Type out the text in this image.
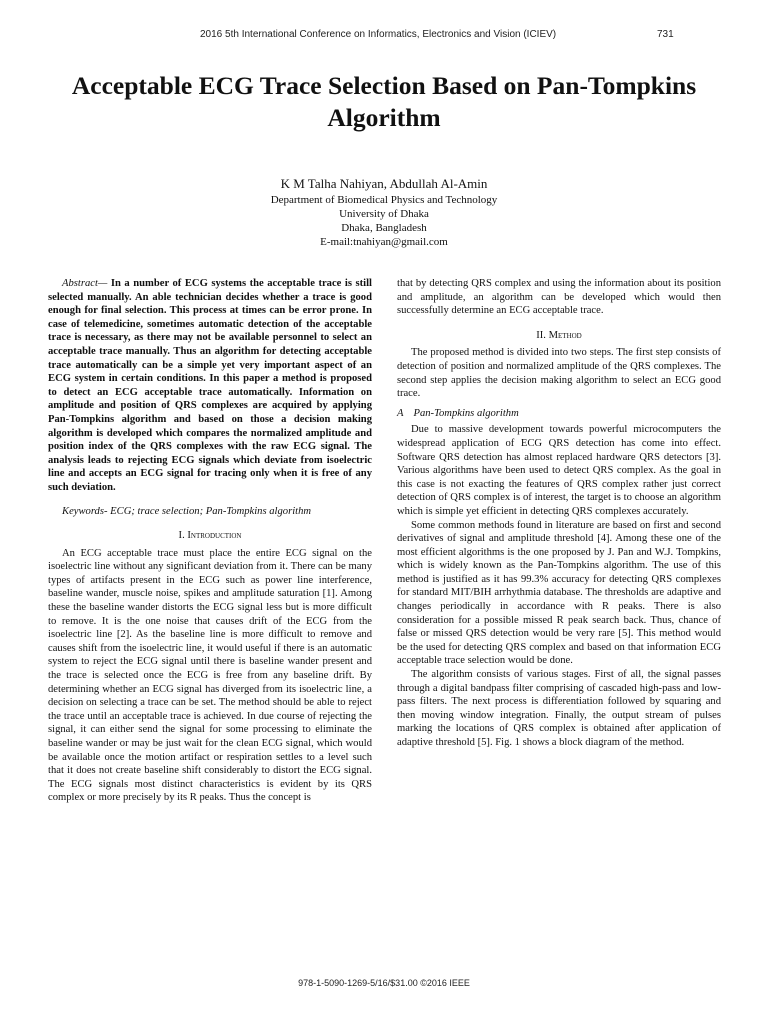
2016 5th International Conference on Informatics, Electronics and Vision (ICIEV)	731
Acceptable ECG Trace Selection Based on Pan-Tompkins Algorithm
K M Talha Nahiyan, Abdullah Al-Amin
Department of Biomedical Physics and Technology
University of Dhaka
Dhaka, Bangladesh
E-mail:tnahiyan@gmail.com

Abstract— In a number of ECG systems the acceptable trace is still selected manually. An able technician decides whether a trace is good enough for final selection. This process at times can be error prone. In case of telemedicine, sometimes automatic detection of the acceptable trace is necessary, as there may not be available personnel to select an acceptable trace manually. Thus an algorithm for detecting acceptable trace automatically can be a simple yet very important aspect of an ECG system in certain conditions. In this paper a method is proposed to detect an ECG acceptable trace automatically. Information on amplitude and position of QRS complexes are acquired by applying Pan-Tompkins algorithm and based on those a decision making algorithm is developed which compares the normalized amplitude and position index of the QRS complexes with the raw ECG signal. The analysis leads to rejecting ECG signals which deviate from isoelectric line and accepts an ECG signal for tracing only when it is free of any such deviation.

Keywords- ECG; trace selection; Pan-Tompkins algorithm

I. Introduction

An ECG acceptable trace must place the entire ECG signal on the isoelectric line without any significant deviation from it. There can be many types of artifacts present in the ECG such as power line interference, baseline wander, muscle noise, spikes and amplitude saturation [1]. Among these the baseline wander distorts the ECG signal less but is more difficult to remove. It is the one noise that causes drift of the ECG from the isoelectric line [2]. As the baseline line is more difficult to remove and causes shift from the isoelectric line, it would useful if there is an automatic system to reject the ECG signal until there is baseline wander present and the trace is selected once the ECG is free from any baseline drift. By determining whether an ECG signal has diverged from its isoelectric line, a decision on selecting a trace can be set. The method should be able to reject the trace until an acceptable trace is achieved. In due course of rejecting the signal, it can either send the signal for some processing to eliminate the baseline wander or may be just wait for the clean ECG signal, which would be available once the motion artifact or respiration settles to a level such that it does not create baseline shift considerably to distort the ECG signal. The ECG signals most distinct characteristics is evident by its QRS complex or more precisely by its R peaks. Thus the concept is

that by detecting QRS complex and using the information about its position and amplitude, an algorithm can be developed which would then successfully determine an ECG acceptable trace.

II. Method

The proposed method is divided into two steps. The first step consists of detection of position and normalized amplitude of the QRS complexes. The second step applies the decision making algorithm to select an ECG good trace.

A Pan-Tompkins algorithm

Due to massive development towards powerful microcomputers the widespread application of ECG QRS detection has come into effect. Software QRS detection has almost replaced hardware QRS detectors [3]. Various algorithms have been used to detect QRS complex. As the goal in this case is not exacting the features of QRS complex rather just correct detection of QRS complex is of interest, the target is to choose an algorithm which is simple yet efficient in detecting QRS complexes accurately.

Some common methods found in literature are based on first and second derivatives of signal and amplitude threshold [4]. Among these one of the most efficient algorithms is the one proposed by J. Pan and W.J. Tompkins, which is widely known as the Pan-Tompkins algorithm. The use of this method is justified as it has 99.3% accuracy for detecting QRS complexes for standard MIT/BIH arrhythmia database. The thresholds are adaptive and changes periodically in accordance with R peaks. There is also consideration for a possible missed R peak search back. Thus, chance of false or missed QRS detection would be very rare [5]. This method would be the used for detecting QRS complex and based on that information ECG acceptable trace selection would be done.

The algorithm consists of various stages. First of all, the signal passes through a digital bandpass filter comprising of cascaded high-pass and low-pass filters. The next process is differentiation followed by squaring and then moving window integration. Finally, the output stream of pulses marking the locations of QRS complex is obtained after application of adaptive threshold [5]. Fig. 1 shows a block diagram of the method.

978-1-5090-1269-5/16/$31.00 ©2016 IEEE
